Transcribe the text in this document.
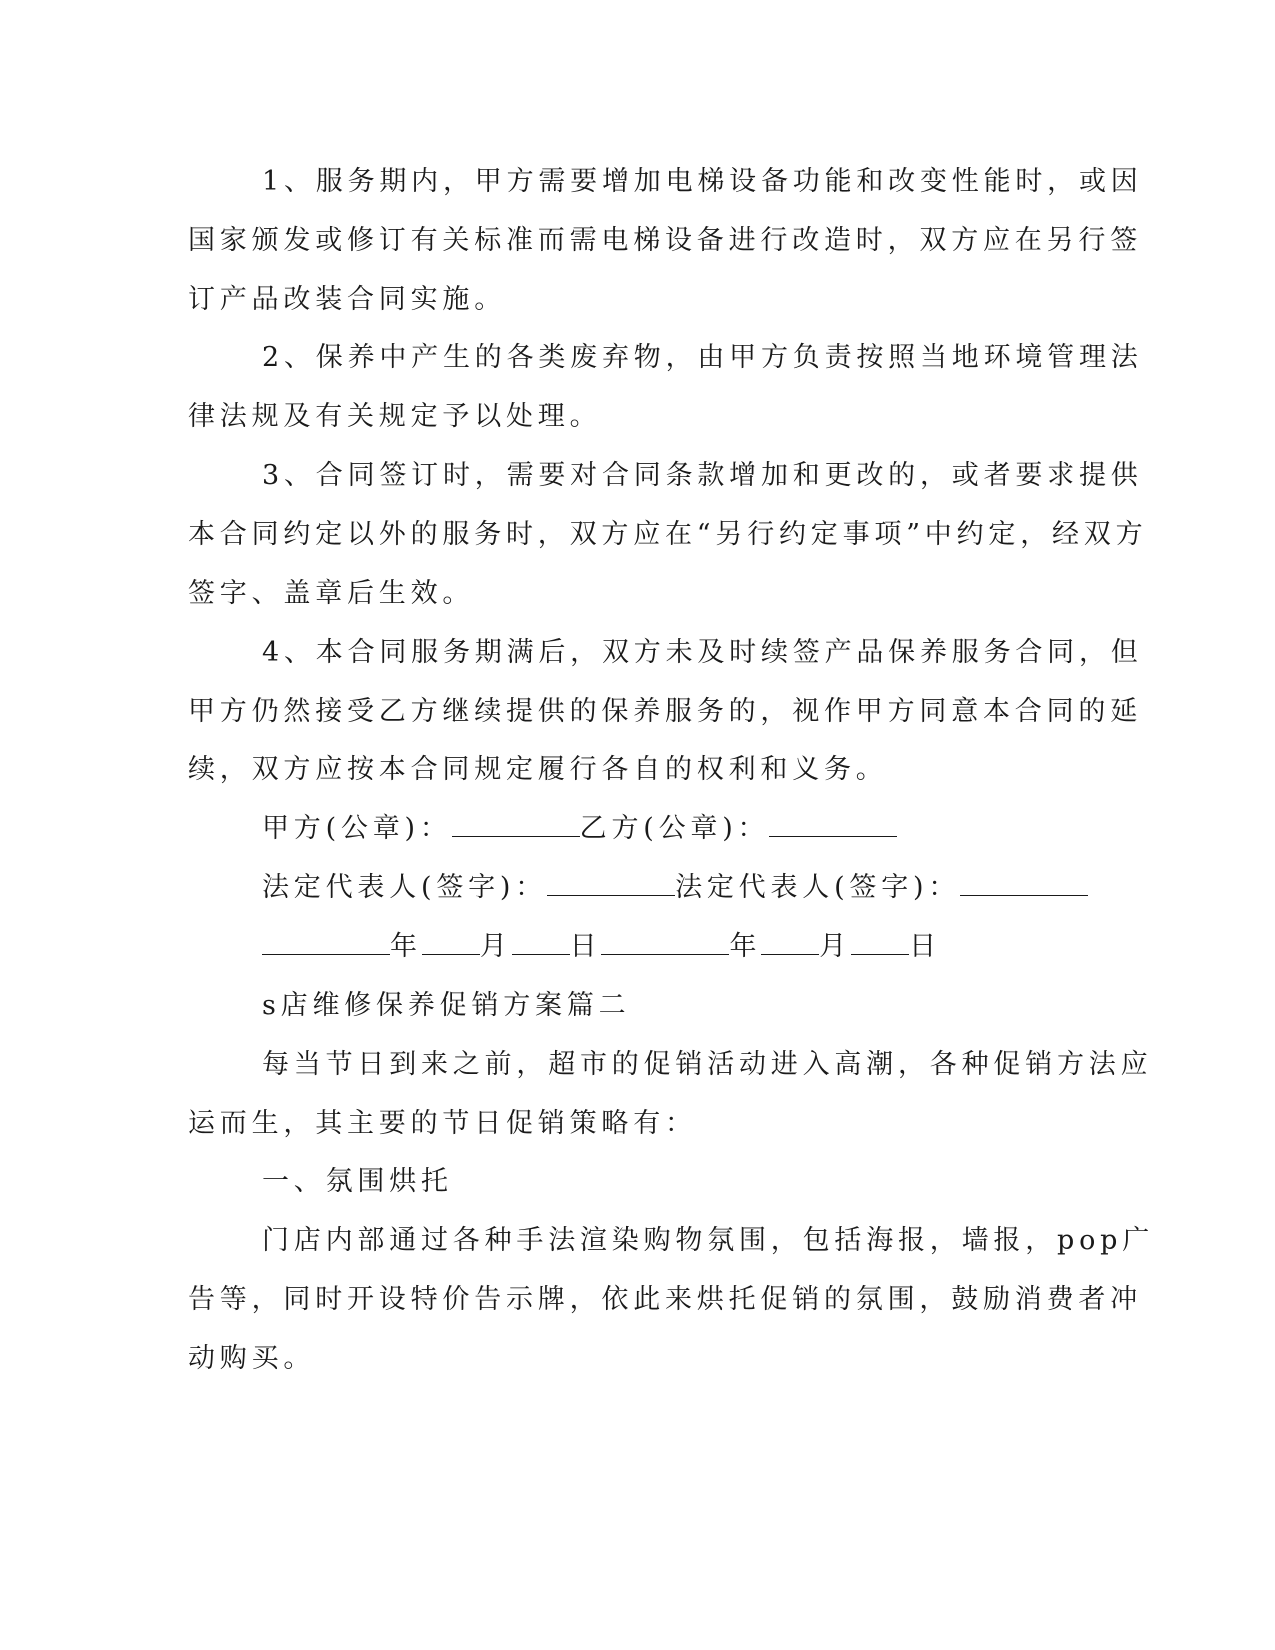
1、服务期内，甲方需要增加电梯设备功能和改变性能时，或因
国家颁发或修订有关标准而需电梯设备进行改造时，双方应在另行签
订产品改装合同实施。
2、保养中产生的各类废弃物，由甲方负责按照当地环境管理法
律法规及有关规定予以处理。
3、合同签订时，需要对合同条款增加和更改的，或者要求提供
本合同约定以外的服务时，双方应在“另行约定事项”中约定，经双方
签字、盖章后生效。
4、本合同服务期满后，双方未及时续签产品保养服务合同，但
甲方仍然接受乙方继续提供的保养服务的，视作甲方同意本合同的延
续，双方应按本合同规定履行各自的权利和义务。
甲方(公章)：	乙方(公章)：
法定代表人(签字)：	法定代表人(签字)：
年 月 日	年 月 日
s店维修保养促销方案篇二
每当节日到来之前，超市的促销活动进入高潮，各种促销方法应
运而生，其主要的节日促销策略有：
一、氛围烘托
门店内部通过各种手法渲染购物氛围，包括海报，墙报，pop广
告等，同时开设特价告示牌，依此来烘托促销的氛围，鼓励消费者冲
动购买。
